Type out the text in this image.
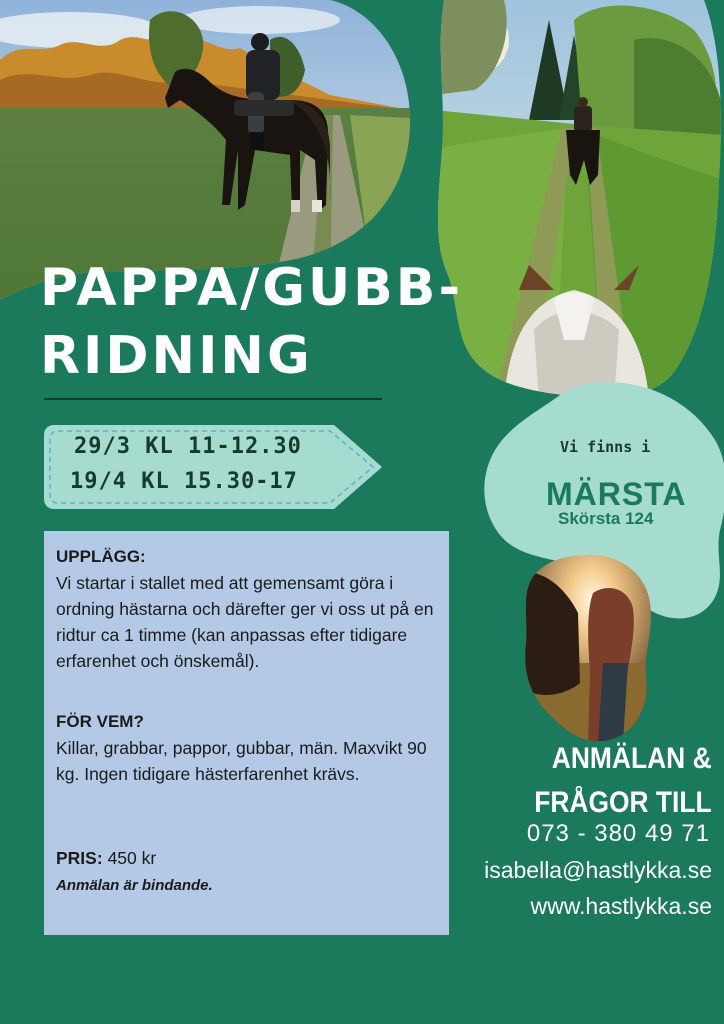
PAPPA/GUBB-
RIDNING
29/3 KL 11-12.30
19/4 KL 15.30-17
UPPLÄGG:
Vi startar i stallet med att gemensamt göra i ordning hästarna och därefter ger vi oss ut på en ridtur ca 1 timme (kan anpassas efter tidigare erfarenhet och önskemål).
FÖR VEM?
Killar, grabbar, pappor, gubbar, män. Maxvikt 90 kg. Ingen tidigare hästerfarenhet krävs.
PRIS: 450 kr
Anmälan är bindande.
Vi finns i
MÄRSTA
Skörsta 124
ANMÄLAN &
FRÅGOR TILL
073 - 380 49 71
isabella@hastlykka.se
www.hastlykka.se
